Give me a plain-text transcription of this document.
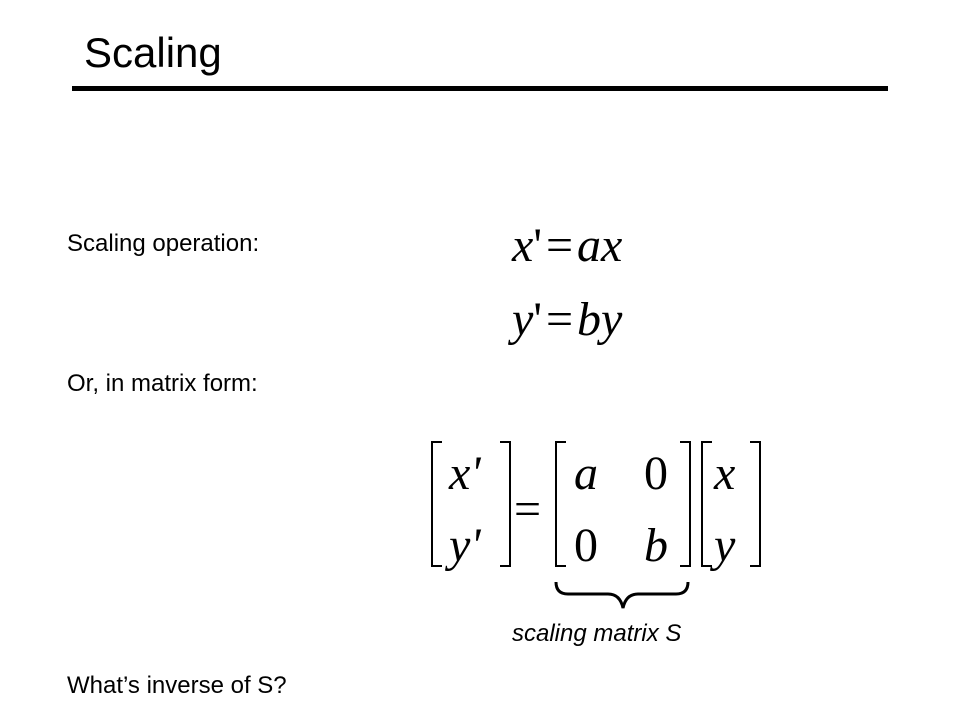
Scaling
Scaling operation:	x'=ax
y'=by
Or, in matrix form:
x'
y'
=
a 0
0 b
x
y
scaling matrix S
What’s inverse of S?
